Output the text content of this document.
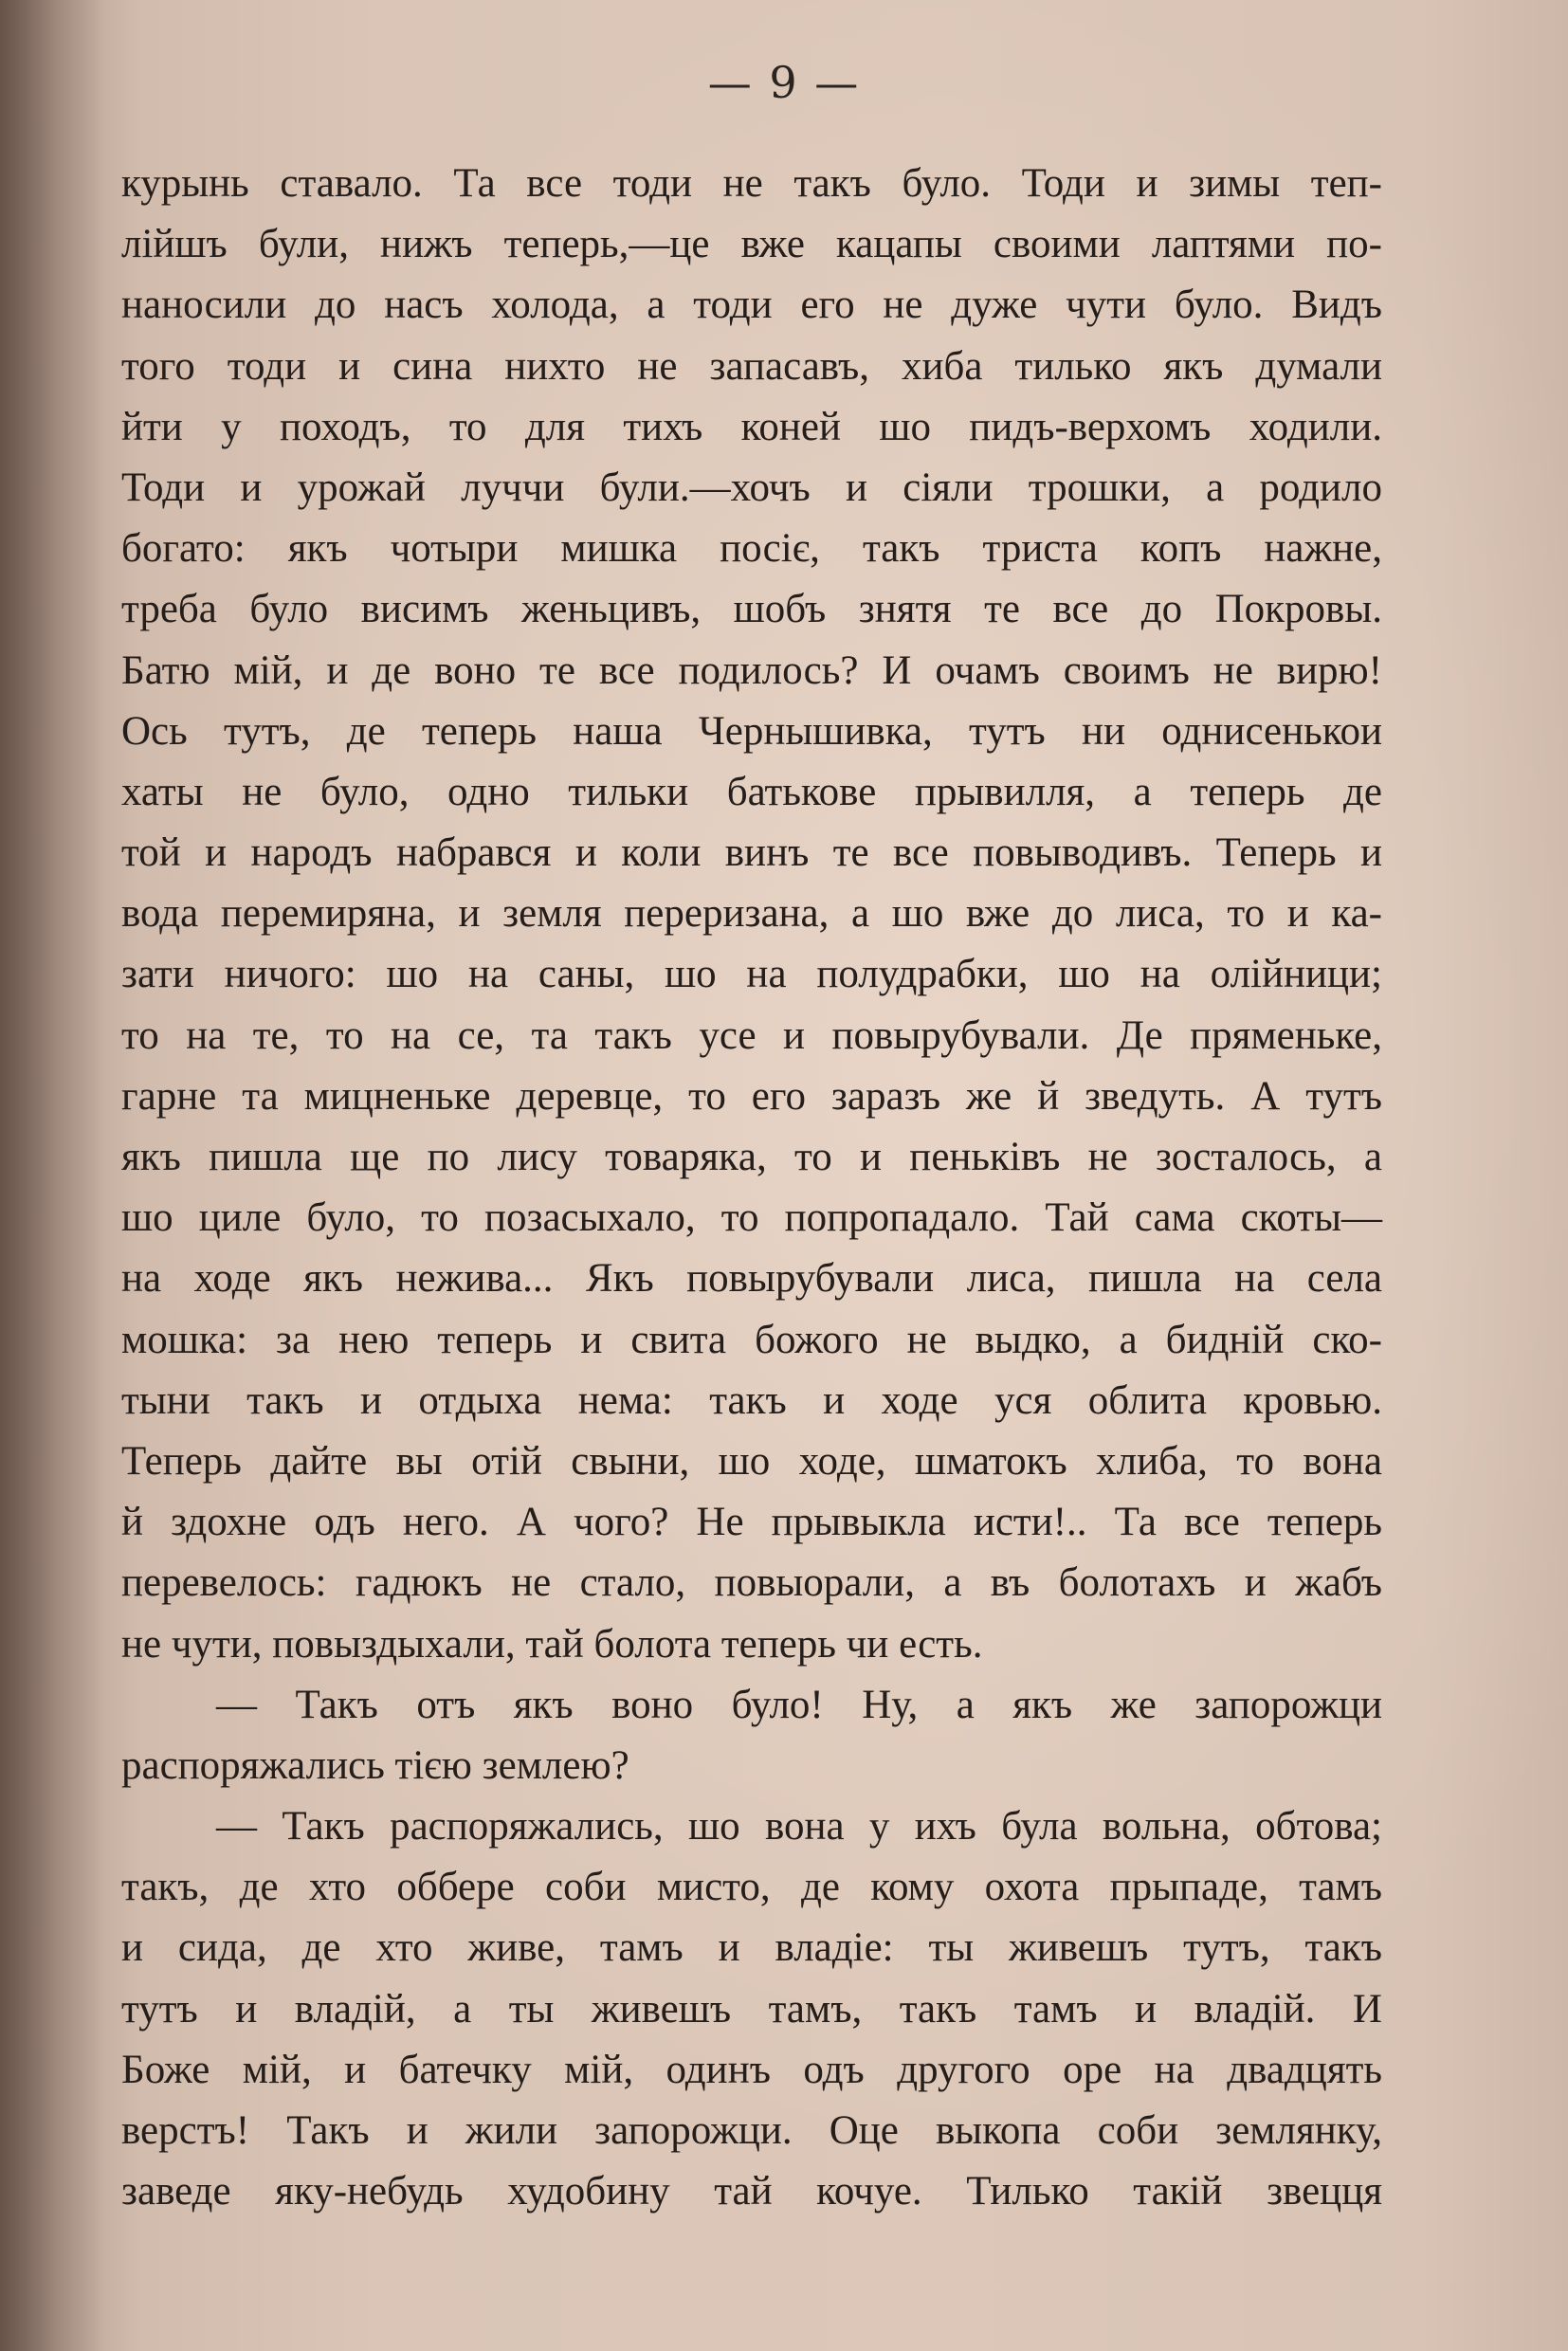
— 9 —
курынь ставало. Та все тоди не такъ було. Тоди и зимы теп-
лійшъ були, нижъ теперь,—це вже кацапы своими лаптями по-
наносили до насъ холода, а тоди его не дуже чути було. Видъ
того тоди и сина нихто не запасавъ, хиба тилько якъ думали
йти у походъ, то для тихъ коней шо пидъ-верхомъ ходили.
Тоди и урожай луччи були.—хочъ и сіяли трошки, а родило
богато: якъ чотыри мишка посіє, такъ триста копъ нажне,
треба було висимъ женьцивъ, шобъ знятя те все до Покровы.
Батю мій, и де воно те все подилось? И очамъ своимъ не вирю!
Ось тутъ, де теперь наша Чернышивка, тутъ ни однисенькои
хаты не було, одно тильки батькове прывилля, а теперь де
той и народъ набрався и коли винъ те все повыводивъ. Теперь и
вода перемиряна, и земля переризана, а шо вже до лиса, то и ка-
зати ничого: шо на саны, шо на полудрабки, шо на олійници;
то на те, то на се, та такъ усе и повырубували. Де пряменьке,
гарне та мицненьке деревце, то его заразъ же й зведуть. А тутъ
якъ пишла ще по лису товарякa, то и пеньківъ не зосталось, а
шо циле було, то позасыхало, то попропадало. Тай сама скоты—
на ходе якъ нежива... Якъ повырубували лиса, пишла на села
мошка: за нею теперь и свита божого не выдко, а бидній ско-
тыни такъ и отдыха нема: такъ и ходе уся облита кровью.
Теперь дайте вы отій свыни, шо ходе, шматокъ хлиба, то вона
й здохне одъ него. А чого? Не прывыкла исти!.. Та все теперь
перевелось: гадюкъ не стало, повыорали, а въ болотахъ и жабъ
не чути, повыздыхали, тай болота теперь чи есть.
— Такъ отъ якъ воно було! Ну, а якъ же запорожци
распоряжались тією землею?
— Такъ распоряжались, шо вона у ихъ була вольна, обтова;
такъ, де хто обберe соби мисто, де кому охота прыпаде, тамъ
и сида, де хто живе, тамъ и владіе: ты живешъ тутъ, такъ
тутъ и владій, а ты живешъ тамъ, такъ тамъ и владій. И
Боже мій, и батечку мій, одинъ одъ другого оре на двадцять
верстъ! Такъ и жили запорожци. Оце выкопа соби землянку,
заведе яку-небудь худобину тай кочуе. Тилько такій звецця
